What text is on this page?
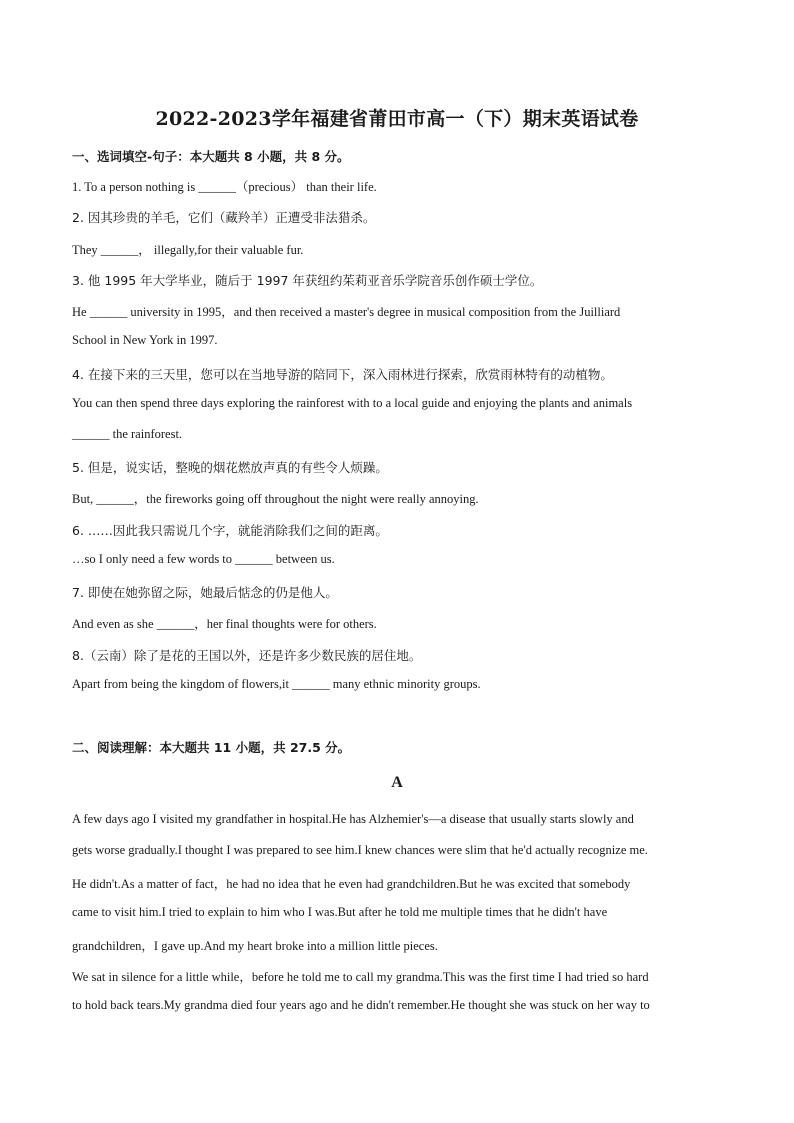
2022-2023学年福建省莆田市高一（下）期末英语试卷
一、选词填空-句子：本大题共 8 小题，共 8 分。
1. To a person nothing is ______（precious） than their life.
2. 因其珍贵的羊毛，它们（藏羚羊）正遭受非法猎杀。
They ______， illegally,for their valuable fur.
3. 他 1995 年大学毕业，随后于 1997 年获纽约茱莉亚音乐学院音乐创作硕士学位。
He ______ university in 1995，and then received a master's degree in musical composition from the Juilliard
School in New York in 1997.
4. 在接下来的三天里，您可以在当地导游的陪同下，深入雨林进行探索，欣赏雨林特有的动植物。
You can then spend three days exploring the rainforest with to a local guide and enjoying the plants and animals
______ the rainforest.
5. 但是，说实话，整晚的烟花燃放声真的有些令人烦躁。
But, ______，the fireworks going off throughout the night were really annoying.
6. ……因此我只需说几个字，就能消除我们之间的距离。
…so I only need a few words to ______ between us.
7. 即使在她弥留之际，她最后惦念的仍是他人。
And even as she ______，her final thoughts were for others.
8.（云南）除了是花的王国以外，还是许多少数民族的居住地。
Apart from being the kingdom of flowers,it ______ many ethnic minority groups.
二、阅读理解：本大题共 11 小题，共 27.5 分。
A
A few days ago I visited my grandfather in hospital.He has Alzhemier's—a disease that usually starts slowly and
gets worse gradually.I thought I was prepared to see him.I knew chances were slim that he'd actually recognize me.
He didn't.As a matter of fact，he had no idea that he even had grandchildren.But he was excited that somebody
came to visit him.I tried to explain to him who I was.But after he told me multiple times that he didn't have
grandchildren，I gave up.And my heart broke into a million little pieces.
We sat in silence for a little while，before he told me to call my grandma.This was the first time I had tried so hard
to hold back tears.My grandma died four years ago and he didn't remember.He thought she was stuck on her way to
